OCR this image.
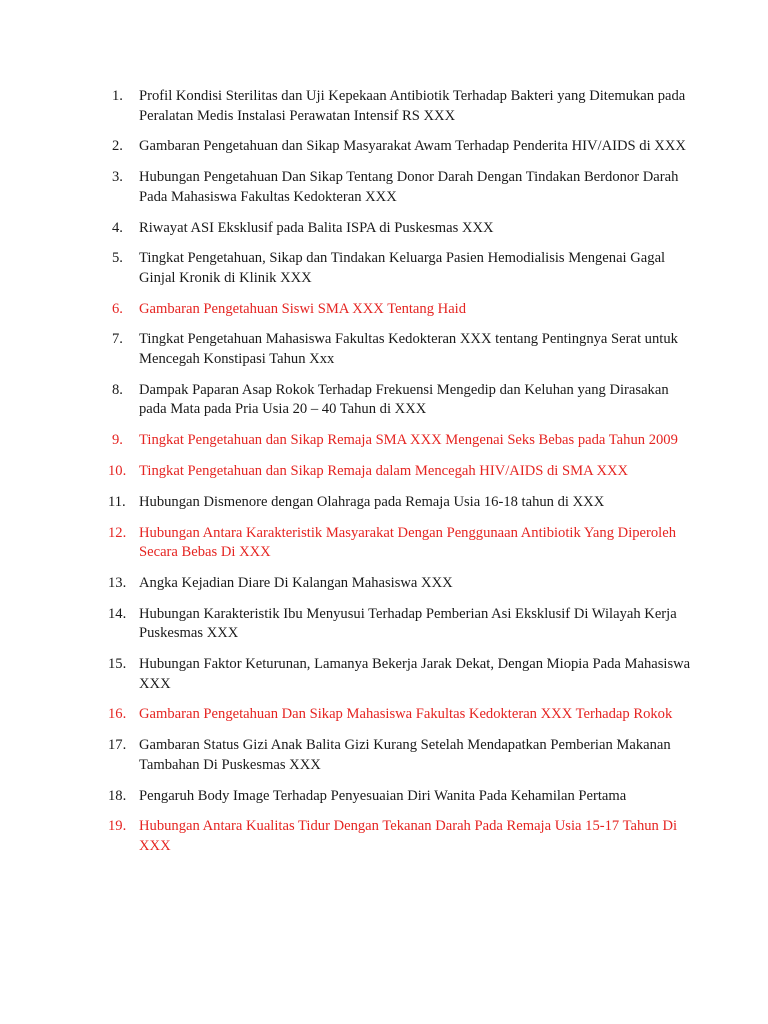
1. Profil Kondisi Sterilitas dan Uji Kepekaan Antibiotik Terhadap Bakteri yang Ditemukan pada Peralatan Medis Instalasi Perawatan Intensif RS XXX
2. Gambaran Pengetahuan dan Sikap Masyarakat Awam Terhadap Penderita HIV/AIDS di XXX
3. Hubungan Pengetahuan Dan Sikap Tentang Donor Darah Dengan Tindakan Berdonor Darah Pada Mahasiswa Fakultas Kedokteran XXX
4. Riwayat ASI Eksklusif pada Balita ISPA di Puskesmas XXX
5. Tingkat Pengetahuan, Sikap dan Tindakan Keluarga Pasien Hemodialisis Mengenai Gagal Ginjal Kronik di Klinik XXX
6. Gambaran Pengetahuan Siswi SMA XXX Tentang Haid
7. Tingkat Pengetahuan Mahasiswa Fakultas Kedokteran XXX tentang Pentingnya Serat untuk Mencegah Konstipasi Tahun Xxx
8. Dampak Paparan Asap Rokok Terhadap Frekuensi Mengedip dan Keluhan yang Dirasakan pada Mata pada Pria Usia 20 – 40 Tahun di XXX
9. Tingkat Pengetahuan dan Sikap Remaja SMA XXX Mengenai Seks Bebas pada Tahun 2009
10. Tingkat Pengetahuan dan Sikap Remaja dalam Mencegah HIV/AIDS di SMA XXX
11. Hubungan Dismenore dengan Olahraga pada Remaja Usia 16-18 tahun di XXX
12. Hubungan Antara Karakteristik Masyarakat Dengan Penggunaan Antibiotik Yang Diperoleh Secara Bebas Di XXX
13. Angka Kejadian Diare Di Kalangan Mahasiswa XXX
14. Hubungan Karakteristik Ibu Menyusui Terhadap Pemberian Asi Eksklusif Di Wilayah Kerja Puskesmas XXX
15. Hubungan Faktor Keturunan, Lamanya Bekerja Jarak Dekat, Dengan Miopia Pada Mahasiswa XXX
16. Gambaran Pengetahuan Dan Sikap Mahasiswa Fakultas Kedokteran XXX Terhadap Rokok
17. Gambaran Status Gizi Anak Balita Gizi Kurang Setelah Mendapatkan Pemberian Makanan Tambahan Di Puskesmas XXX
18. Pengaruh Body Image Terhadap Penyesuaian Diri Wanita Pada Kehamilan Pertama
19. Hubungan Antara Kualitas Tidur Dengan Tekanan Darah Pada Remaja Usia 15-17 Tahun Di XXX
